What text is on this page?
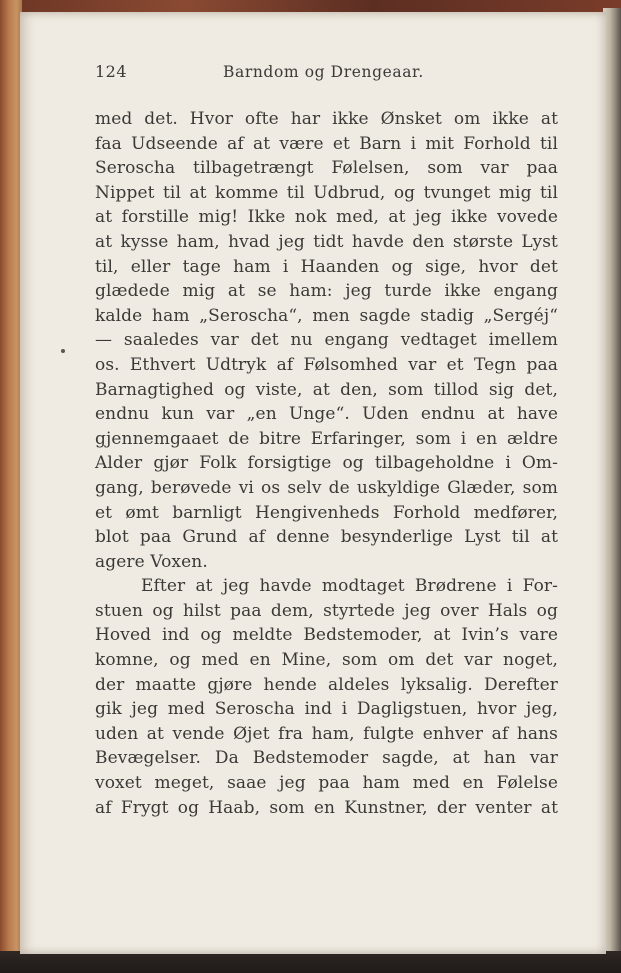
124	Barndom og Drengeaar.
med det. Hvor ofte har ikke Ønsket om ikke at
faa Udseende af at være et Barn i mit Forhold til
Seroscha tilbagetrængt Følelsen, som var paa
Nippet til at komme til Udbrud, og tvunget mig til
at forstille mig! Ikke nok med, at jeg ikke vovede
at kysse ham, hvad jeg tidt havde den største Lyst
til, eller tage ham i Haanden og sige, hvor det
glædede mig at se ham: jeg turde ikke engang
kalde ham „Seroscha“, men sagde stadig „Sergéj“
— saaledes var det nu engang vedtaget imellem
os. Ethvert Udtryk af Følsomhed var et Tegn paa
Barnagtighed og viste, at den, som tillod sig det,
endnu kun var „en Unge“. Uden endnu at have
gjennemgaaet de bitre Erfaringer, som i en ældre
Alder gjør Folk forsigtige og tilbageholdne i Om-
gang, berøvede vi os selv de uskyldige Glæder, som
et ømt barnligt Hengivenheds Forhold medfører,
blot paa Grund af denne besynderlige Lyst til at
agere Voxen.
Efter at jeg havde modtaget Brødrene i For-
stuen og hilst paa dem, styrtede jeg over Hals og
Hoved ind og meldte Bedstemoder, at Ivin’s vare
komne, og med en Mine, som om det var noget,
der maatte gjøre hende aldeles lyksalig. Derefter
gik jeg med Seroscha ind i Dagligstuen, hvor jeg,
uden at vende Øjet fra ham, fulgte enhver af hans
Bevægelser. Da Bedstemoder sagde, at han var
voxet meget, saae jeg paa ham med en Følelse
af Frygt og Haab, som en Kunstner, der venter at
